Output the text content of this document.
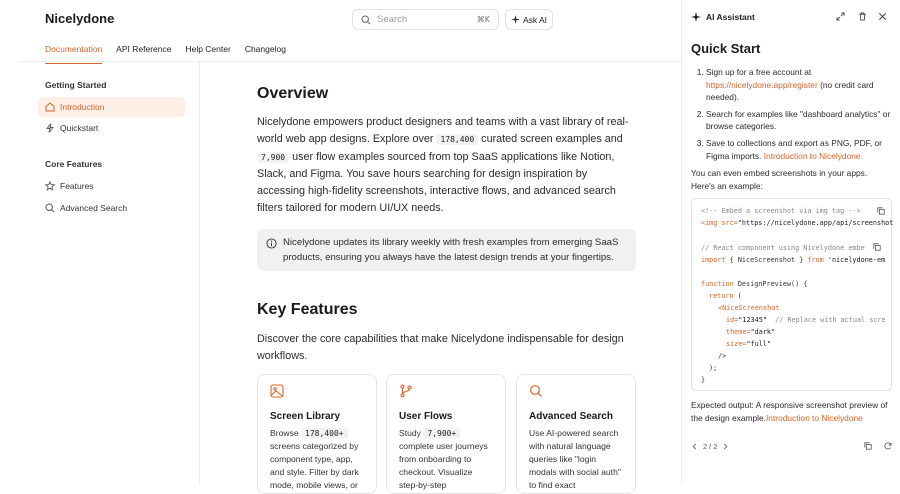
Nicelydone	Search	⌘K	Ask AI
Documentation API Reference Help Center Changelog
Getting Started
Introduction
Quickstart
Core Features
Features
Advanced Search
Overview
Nicelydone empowers product designers and teams with a vast library of real-world web app designs. Explore over 178,400 curated screen examples and 7,900 user flow examples sourced from top SaaS applications like Notion, Slack, and Figma. You save hours searching for design inspiration by accessing high-fidelity screenshots, interactive flows, and advanced search filters tailored for modern UI/UX needs.
Nicelydone updates its library weekly with fresh examples from emerging SaaS products, ensuring you always have the latest design trends at your fingertips.
Key Features
Discover the core capabilities that make Nicelydone indispensable for design workflows.
Screen Library
Browse 178,400+ screens categorized by component type, app, and style. Filter by dark mode, mobile views, or
User Flows
Study 7,900+ complete user journeys from onboarding to checkout. Visualize step-by-step
Advanced Search
Use AI-powered search with natural language queries like "login modals with social auth" to find exact
AI Assistant
Quick Start
1. Sign up for a free account at https://nicelydone.app/register (no credit card needed).
2. Search for examples like "dashboard analytics" or browse categories.
3. Save to collections and export as PNG, PDF, or Figma imports. Introduction to Nicelydone
You can even embed screenshots in your apps. Here's an example:
<!-- Embed a screenshot via img tag -->
<img src="https://nicelydone.app/api/screenshot
// React component using Nicelydone embe
import { NiceScreenshot } from 'nicelydone-em
function DesignPreview() {
return (
<NiceScreenshot
id="12345"  // Replace with actual scre
theme="dark"
size="full"
/>
);
}
Expected output: A responsive screenshot preview of the design example.Introduction to Nicelydone
2 / 2
